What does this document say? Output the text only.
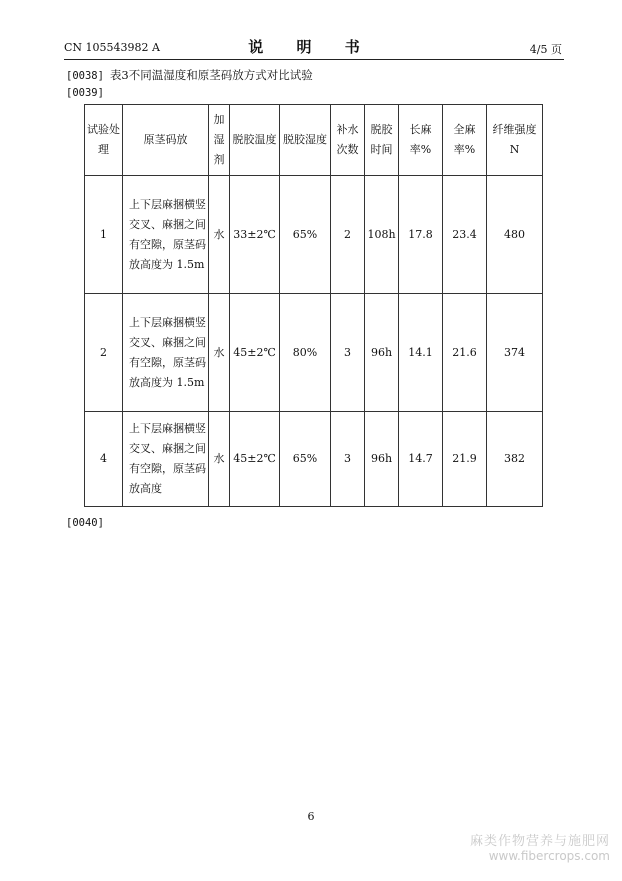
CN 105543982 A	说 明 书	4/5 页
[0038] 表3不同温湿度和原茎码放方式对比试验
[0039]
试验处理	原茎码放	加湿剂	脱胶温度	脱胶湿度	补水次数	脱胶时间	长麻率%	全麻率%	纤维强度N
1	上下层麻捆横竖交叉、麻捆之间有空隙，原茎码放高度为 1.5m	水	33±2℃	65%	2	108h	17.8	23.4	480
2	上下层麻捆横竖交叉、麻捆之间有空隙，原茎码放高度为 1.5m	水	45±2℃	80%	3	96h	14.1	21.6	374
4	上下层麻捆横竖交叉、麻捆之间有空隙，原茎码放高度	水	45±2℃	65%	3	96h	14.7	21.9	382
[0040]
6
麻类作物营养与施肥网
www.fibercrops.com
